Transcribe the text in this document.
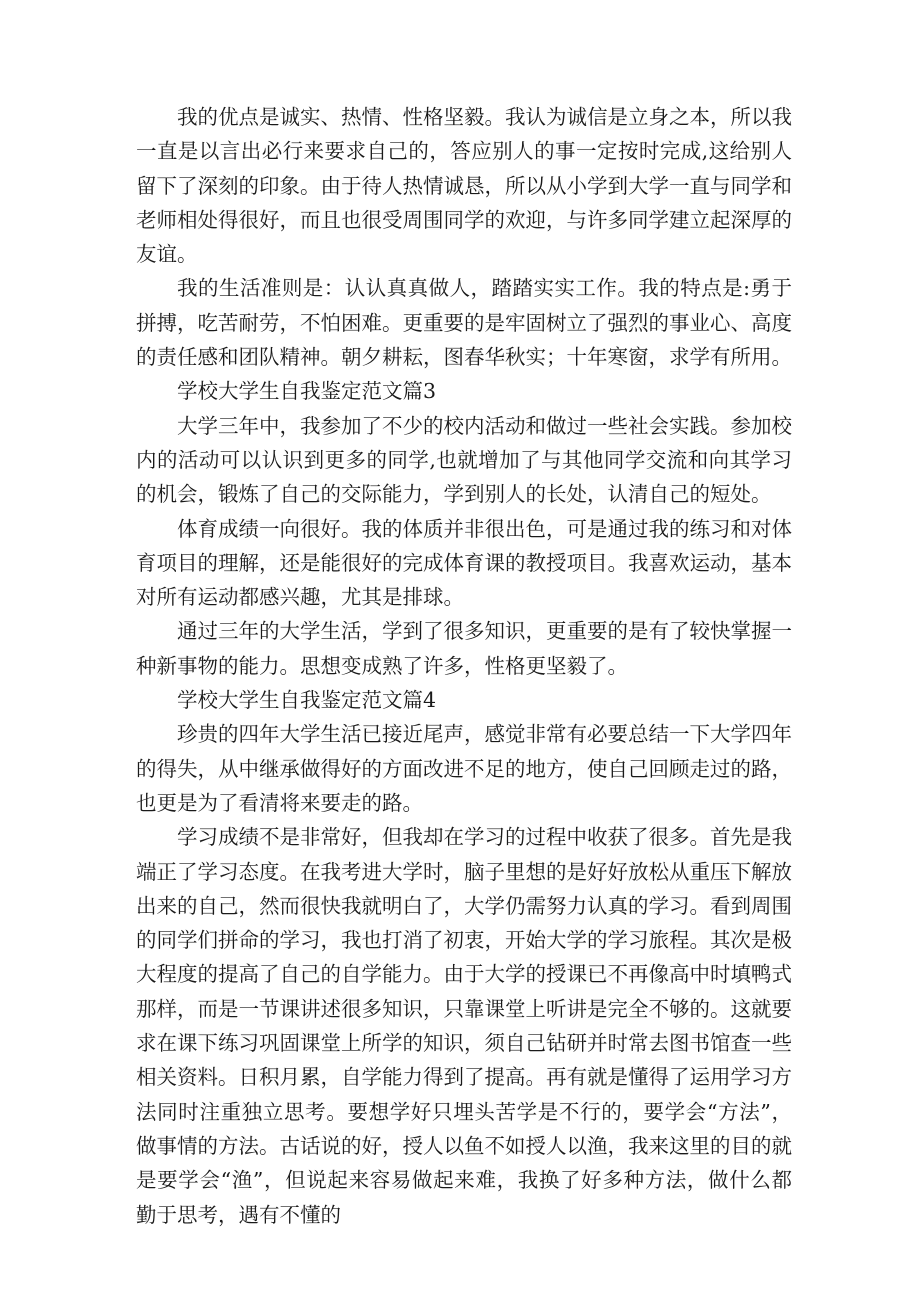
我的优点是诚实、热情、性格坚毅。我认为诚信是立身之本，所以我一直是以言出必行来要求自己的，答应别人的事一定按时完成,这给别人留下了深刻的印象。由于待人热情诚恳，所以从小学到大学一直与同学和老师相处得很好，而且也很受周围同学的欢迎，与许多同学建立起深厚的友谊。

我的生活准则是：认认真真做人，踏踏实实工作。我的特点是:勇于拼搏，吃苦耐劳，不怕困难。更重要的是牢固树立了强烈的事业心、高度的责任感和团队精神。朝夕耕耘，图春华秋实；十年寒窗，求学有所用。

学校大学生自我鉴定范文篇3

大学三年中，我参加了不少的校内活动和做过一些社会实践。参加校内的活动可以认识到更多的同学,也就增加了与其他同学交流和向其学习的机会，锻炼了自己的交际能力，学到别人的长处，认清自己的短处。

体育成绩一向很好。我的体质并非很出色，可是通过我的练习和对体育项目的理解，还是能很好的完成体育课的教授项目。我喜欢运动，基本对所有运动都感兴趣，尤其是排球。

通过三年的大学生活，学到了很多知识，更重要的是有了较快掌握一种新事物的能力。思想变成熟了许多，性格更坚毅了。

学校大学生自我鉴定范文篇4

珍贵的四年大学生活已接近尾声，感觉非常有必要总结一下大学四年的得失，从中继承做得好的方面改进不足的地方，使自己回顾走过的路，也更是为了看清将来要走的路。

学习成绩不是非常好，但我却在学习的过程中收获了很多。首先是我端正了学习态度。在我考进大学时，脑子里想的是好好放松从重压下解放出来的自己，然而很快我就明白了，大学仍需努力认真的学习。看到周围的同学们拼命的学习，我也打消了初衷，开始大学的学习旅程。其次是极大程度的提高了自己的自学能力。由于大学的授课已不再像高中时填鸭式那样，而是一节课讲述很多知识，只靠课堂上听讲是完全不够的。这就要求在课下练习巩固课堂上所学的知识，须自己钻研并时常去图书馆查一些相关资料。日积月累，自学能力得到了提高。再有就是懂得了运用学习方法同时注重独立思考。要想学好只埋头苦学是不行的，要学会“方法”，做事情的方法。古话说的好，授人以鱼不如授人以渔，我来这里的目的就是要学会“渔”，但说起来容易做起来难，我换了好多种方法，做什么都勤于思考，遇有不懂的
